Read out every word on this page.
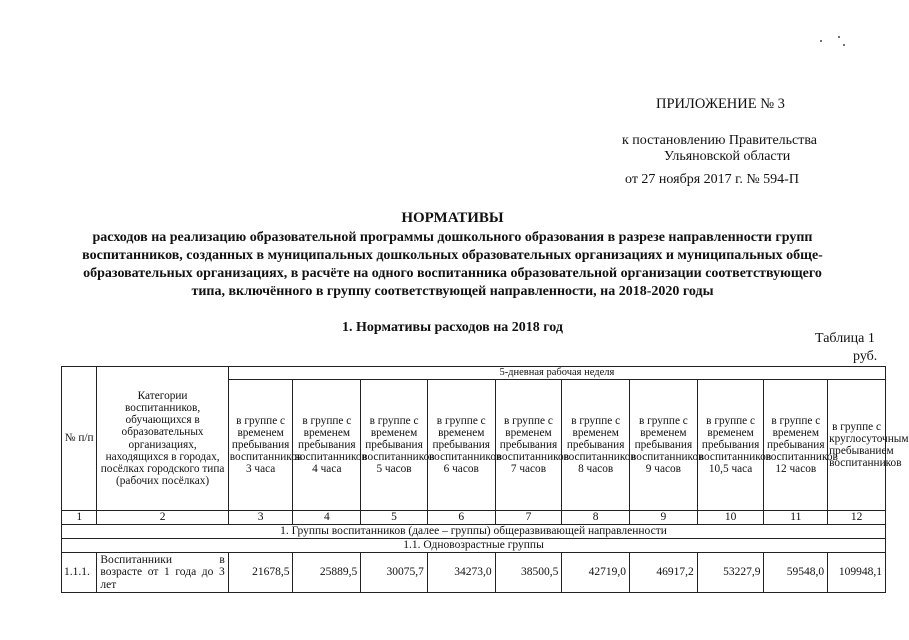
ПРИЛОЖЕНИЕ № 3
к постановлению Правительства
Ульяновской области
от 27 ноября 2017 г. № 594-П
НОРМАТИВЫ
расходов на реализацию образовательной программы дошкольного образования в разрезе направленности групп
воспитанников, созданных в муниципальных дошкольных образовательных организациях и муниципальных обще-
образовательных организациях, в расчёте на одного воспитанника образовательной организации соответствующего
типа, включённого в группу соответствующей направленности, на 2018-2020 годы
1. Нормативы расходов на 2018 год
Таблица 1
руб.
№ п/п	Категории воспитанников, обучающихся в образовательных организациях, находящихся в городах, посёлках городского типа (рабочих посёлках)	5-дневная рабочая неделя									
		в группе с временем пребывания воспитанников 3 часа	в группе с временем пребывания воспитанников 4 часа	в группе с временем пребывания воспитанников 5 часов	в группе с временем пребывания воспитанников 6 часов	в группе с временем пребывания воспитанников 7 часов	в группе с временем пребывания воспитанников 8 часов	в группе с временем пребывания воспитанников 9 часов	в группе с временем пребывания воспитанников 10,5 часа	в группе с временем пребывания воспитанников 12 часов	в группе с круглосуточным пребыванием воспитанников
1	2	3	4	5	6	7	8	9	10	11	12
1. Группы воспитанников (далее – группы) общеразвивающей направленности											
1.1. Одновозрастные группы											
1.1.1.	Воспитанники в возрасте от 1 года до 3 лет	21678,5	25889,5	30075,7	34273,0	38500,5	42719,0	46917,2	53227,9	59548,0	109948,1
